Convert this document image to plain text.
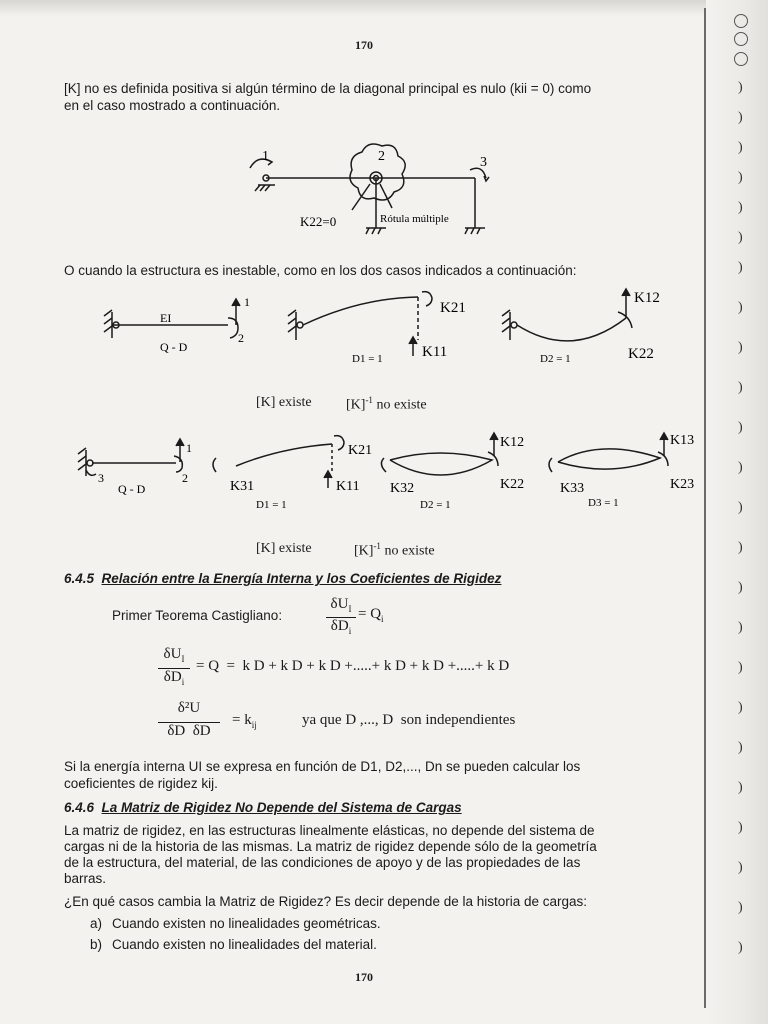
)
)
)
)
)
)
)
)
)
)
)
)
)
)
)
)
)
)
)
)
)
)
)
)
170
[K] no es definida positiva si algún término de la diagonal principal es nulo (kii = 0) como
en el caso mostrado a continuación.
1	2	3
K22=0	Rótula múltiple
O cuando la estructura es inestable, como en los dos casos indicados a continuación:
EI
Q - D
1
2
K21
K11
D1 = 1
K12
K22
D2 = 1
[K] existe $[K]^{-1}$ no existe
1
2
3
Q - D	K31
K21
K11
D1 = 1
K32
K12
K22
D2 = 1
K33
K13
K23
D3 = 1
[K] existe	$[K]^{-1}$ no existe
6.4.5 Relación entre la Energía Interna y los Coeficientes de Rigidez
Primer Teorema Castigliano:
$\delta U_I$
$\delta D_i$
= $Q_i$
$\delta U_I$
$\delta D_i$
= Q  =  k D + k D + k D +.....+ k D + k D +.....+ k D
δ²U
δD  δD
= $k_{ij}$	ya que D ,..., D  son independientes
Si la energía interna UI se expresa en función de D1, D2,..., Dn se pueden calcular los
coeficientes de rigidez kij.
6.4.6 La Matriz de Rigidez No Depende del Sistema de Cargas
La matriz de rigidez, en las estructuras linealmente elásticas, no depende del sistema de
cargas ni de la historia de las mismas. La matriz de rigidez depende sólo de la geometría
de la estructura, del material, de las condiciones de apoyo y de las propiedades de las
barras.
¿En qué casos cambia la Matriz de Rigidez? Es decir depende de la historia de cargas:
a) Cuando existen no linealidades geométricas.
b) Cuando existen no linealidades del material.
170
